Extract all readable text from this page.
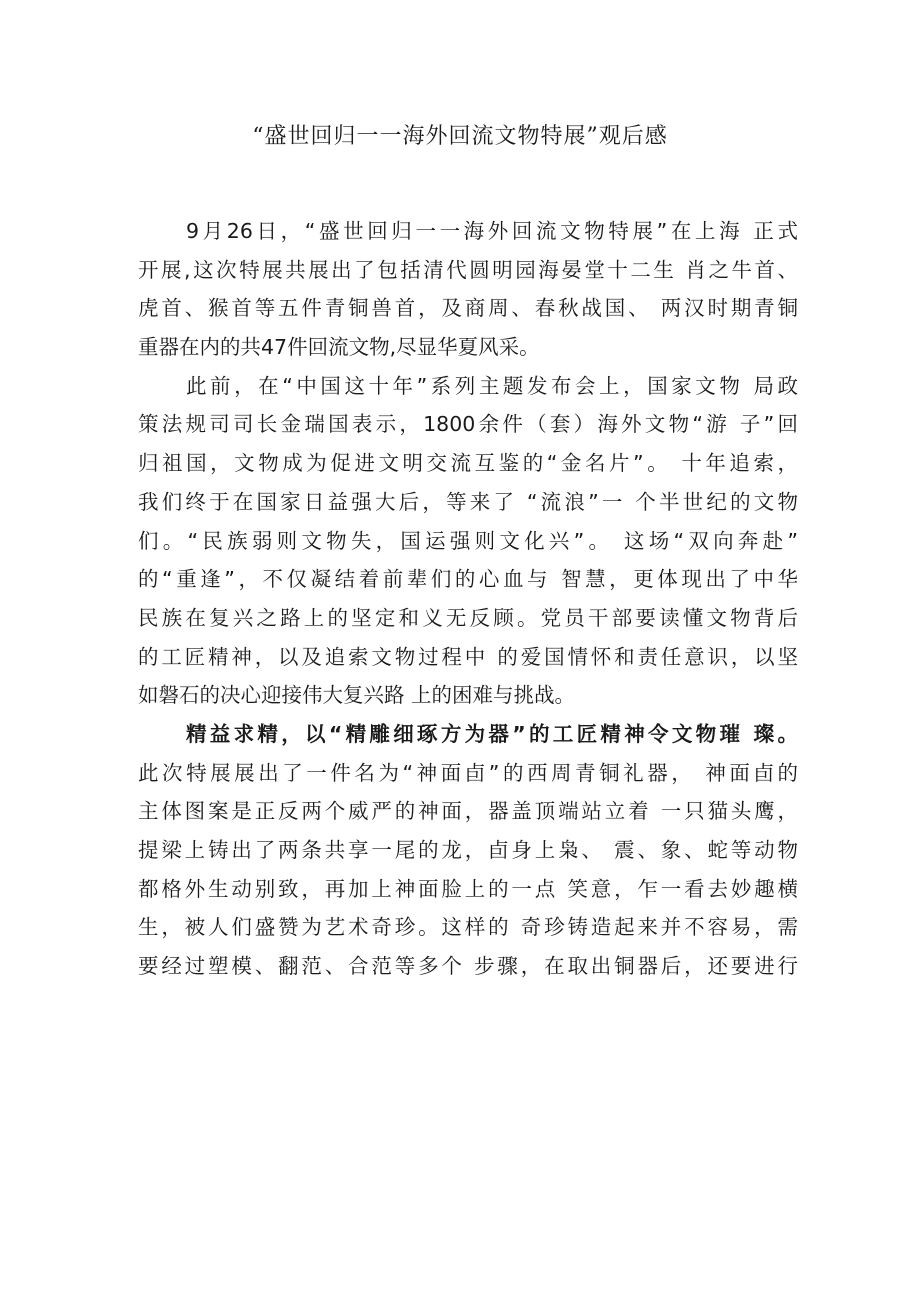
“盛世回归一一海外回流文物特展”观后感
9月26日，“盛世回归一一海外回流文物特展”在上海 正式
开展,这次特展共展出了包括清代圆明园海晏堂十二生 肖之牛首、
虎首、猴首等五件青铜兽首，及商周、春秋战国、 两汉时期青铜
重器在内的共47件回流文物,尽显华夏风采。
此前，在“中国这十年”系列主题发布会上，国家文物 局政
策法规司司长金瑞国表示，1800余件（套）海外文物“游 子”回
归祖国，文物成为促进文明交流互鉴的“金名片”。 十年追索，
我们终于在国家日益强大后，等来了 “流浪”一 个半世纪的文物
们。“民族弱则文物失，国运强则文化兴”。 这场“双向奔赴”
的“重逢”，不仅凝结着前辈们的心血与 智慧，更体现出了中华
民族在复兴之路上的坚定和义无反顾。党员干部要读懂文物背后
的工匠精神，以及追索文物过程中 的爱国情怀和责任意识，以坚
如磐石的决心迎接伟大复兴路 上的困难与挑战。
精益求精，以“精雕细琢方为器”的工匠精神令文物璀 璨。
此次特展展出了一件名为“神面卣”的西周青铜礼器， 神面卣的
主体图案是正反两个威严的神面，器盖顶端站立着 一只猫头鹰，
提梁上铸出了两条共享一尾的龙，卣身上枭、 震、象、蛇等动物
都格外生动别致，再加上神面脸上的一点 笑意，乍一看去妙趣横
生，被人们盛赞为艺术奇珍。这样的 奇珍铸造起来并不容易，需
要经过塑模、翻范、合范等多个 步骤，在取出铜器后，还要进行
